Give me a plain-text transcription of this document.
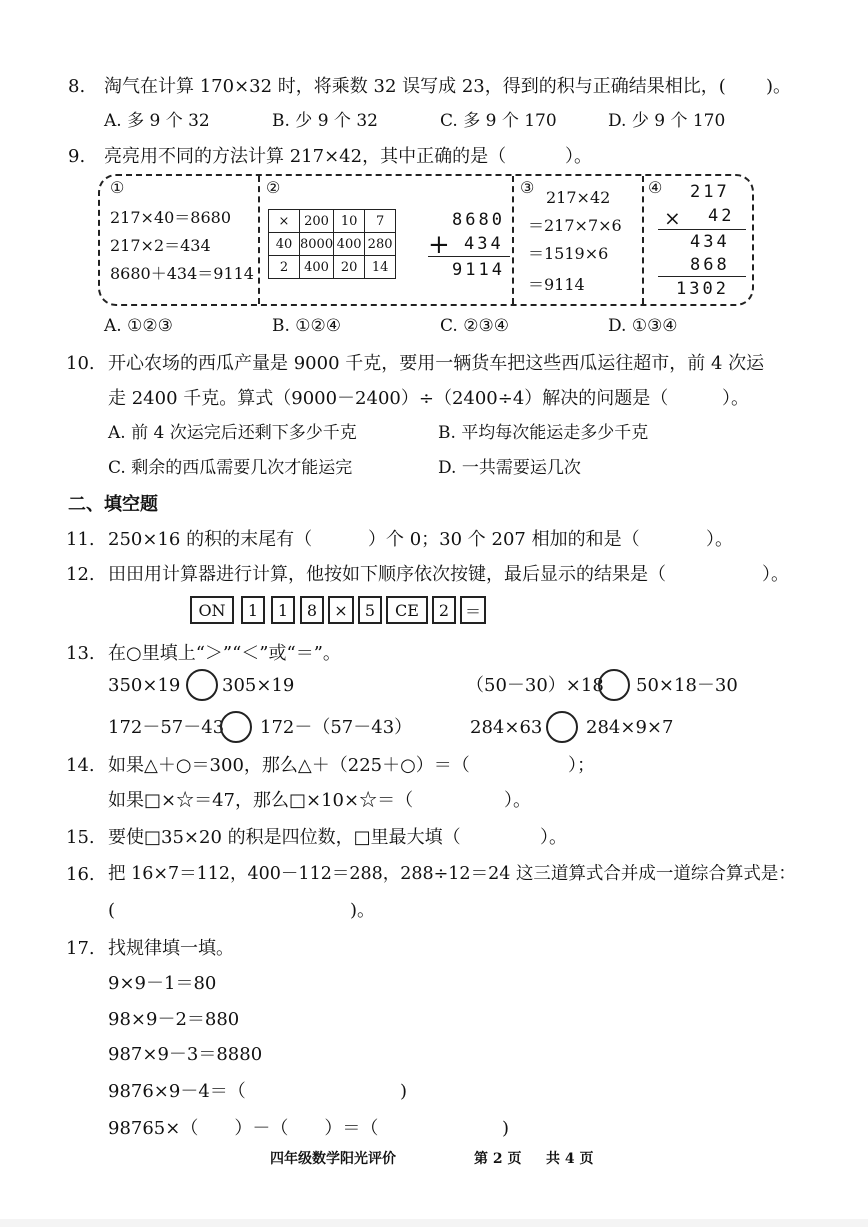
8. 淘气在计算 170×32 时，将乘数 32 误写成 23，得到的积与正确结果相比，( )。
A. 多 9 个 32	B. 少 9 个 32	C. 多 9 个 170	D. 少 9 个 170
9. 亮亮用不同的方法计算 217×42，其中正确的是（	）。
①
217×40＝8680
217×2＝434
8680＋434＝9114
②
×	200	10	7
40	8000	400	280
2	400	20	14
8680
+ 434
9114
③
217×42
＝217×7×6
＝1519×6
＝9114
④ 217
× 42
434
868
1302
A. ①②③	B. ①②④	C. ②③④	D. ①③④
10. 开心农场的西瓜产量是 9000 千克，要用一辆货车把这些西瓜运往超市，前 4 次运
走 2400 千克。算式（9000－2400）÷（2400÷4）解决的问题是（	）。
A. 前 4 次运完后还剩下多少千克	B. 平均每次能运走多少千克
C. 剩余的西瓜需要几次才能运完	D. 一共需要运几次
二、填空题
11. 250×16 的积的末尾有（	）个 0；30 个 207 相加的和是（	）。
12. 田田用计算器进行计算，他按如下顺序依次按键，最后显示的结果是（	）。
ON	1	1	8	×	5	CE	2 ＝
13. 在○里填上“＞”“＜”或“＝”。
350×19 305×19	（50－30）×18 50×18－30
172－57－43 172－（57－43）	284×63 284×9×7
14. 如果△＋○＝300，那么△＋（225＋○）＝（	）；
如果□×☆＝47，那么□×10×☆＝（	）。
15. 要使□35×20 的积是四位数，□里最大填（	）。
16. 把 16×7＝112，400－112＝288，288÷12＝24 这三道算式合并成一道综合算式是：
(	)。
17. 找规律填一填。
9×9－1＝80
98×9－2＝880
987×9－3＝8880
9876×9－4＝（	)
98765×（　　）－（　　）＝（	)
四年级数学阳光评价	第 2 页 共 4 页
